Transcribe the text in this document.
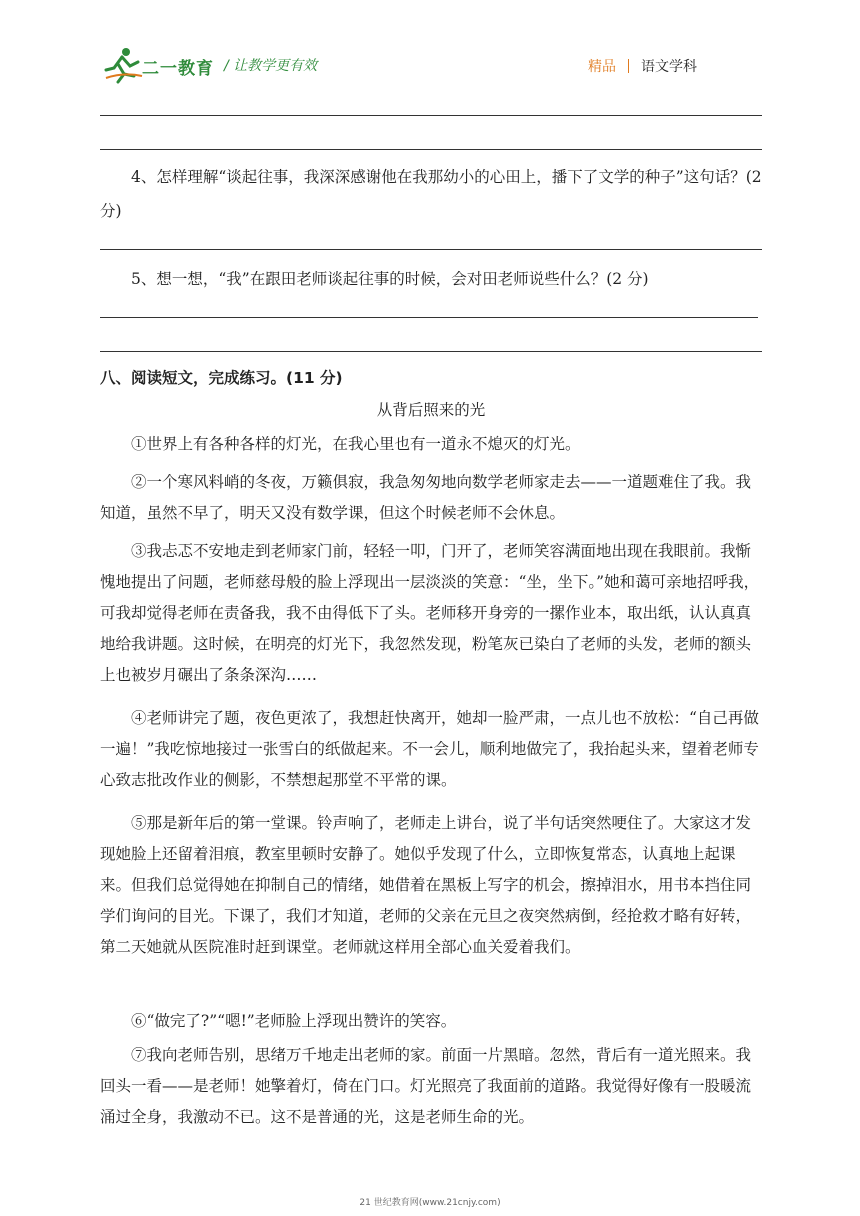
二一教育 / 让教学更有效	精品 语文学科
4、怎样理解“谈起往事，我深深感谢他在我那幼小的心田上，播下了文学的种子”这句话？(2 分)
5、想一想，“我”在跟田老师谈起往事的时候，会对田老师说些什么？(2 分)
八、阅读短文，完成练习。(11 分)
从背后照来的光
①世界上有各种各样的灯光，在我心里也有一道永不熄灭的灯光。
②一个寒风料峭的冬夜，万籁俱寂，我急匆匆地向数学老师家走去——一道题难住了我。我知道，虽然不早了，明天又没有数学课，但这个时候老师不会休息。
③我忐忑不安地走到老师家门前，轻轻一叩，门开了，老师笑容满面地出现在我眼前。我惭愧地提出了问题，老师慈母般的脸上浮现出一层淡淡的笑意：“坐，坐下。”她和蔼可亲地招呼我，可我却觉得老师在责备我，我不由得低下了头。老师移开身旁的一摞作业本，取出纸，认认真真地给我讲题。这时候，在明亮的灯光下，我忽然发现，粉笔灰已染白了老师的头发，老师的额头上也被岁月碾出了条条深沟……
④老师讲完了题，夜色更浓了，我想赶快离开，她却一脸严肃，一点儿也不放松：“自己再做一遍！”我吃惊地接过一张雪白的纸做起来。不一会儿，顺利地做完了，我抬起头来，望着老师专心致志批改作业的侧影，不禁想起那堂不平常的课。
⑤那是新年后的第一堂课。铃声响了，老师走上讲台，说了半句话突然哽住了。大家这才发现她脸上还留着泪痕，教室里顿时安静了。她似乎发现了什么，立即恢复常态，认真地上起课来。但我们总觉得她在抑制自己的情绪，她借着在黑板上写字的机会，擦掉泪水，用书本挡住同学们询问的目光。下课了，我们才知道，老师的父亲在元旦之夜突然病倒，经抢救才略有好转，第二天她就从医院准时赶到课堂。老师就这样用全部心血关爱着我们。
⑥“做完了?”“嗯!”老师脸上浮现出赞许的笑容。
⑦我向老师告别，思绪万千地走出老师的家。前面一片黑暗。忽然，背后有一道光照来。我回头一看——是老师！她擎着灯，倚在门口。灯光照亮了我面前的道路。我觉得好像有一股暖流涌过全身，我激动不已。这不是普通的光，这是老师生命的光。
21 世纪教育网(www.21cnjy.com)
